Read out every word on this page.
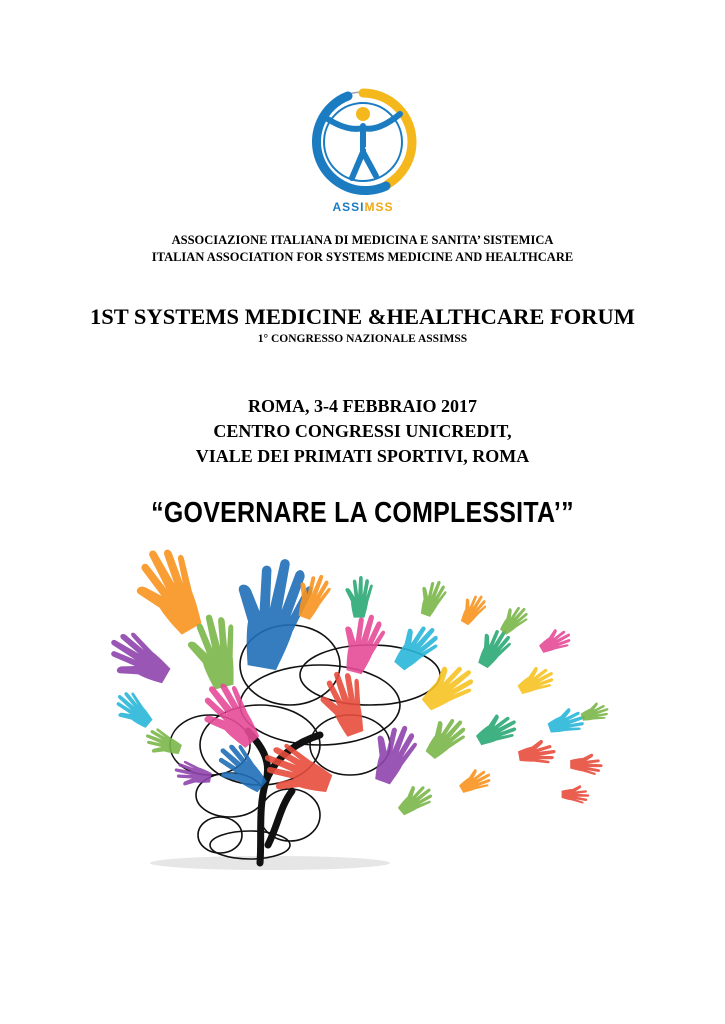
ASSIMSS
ASSOCIAZIONE ITALIANA DI MEDICINA E SANITA’ SISTEMICA
ITALIAN ASSOCIATION FOR SYSTEMS MEDICINE AND HEALTHCARE
1ST SYSTEMS MEDICINE &HEALTHCARE FORUM
1° CONGRESSO NAZIONALE ASSIMSS
ROMA, 3-4 FEBBRAIO 2017
CENTRO CONGRESSI UNICREDIT,
VIALE DEI PRIMATI SPORTIVI, ROMA
“GOVERNARE LA COMPLESSITA’”
